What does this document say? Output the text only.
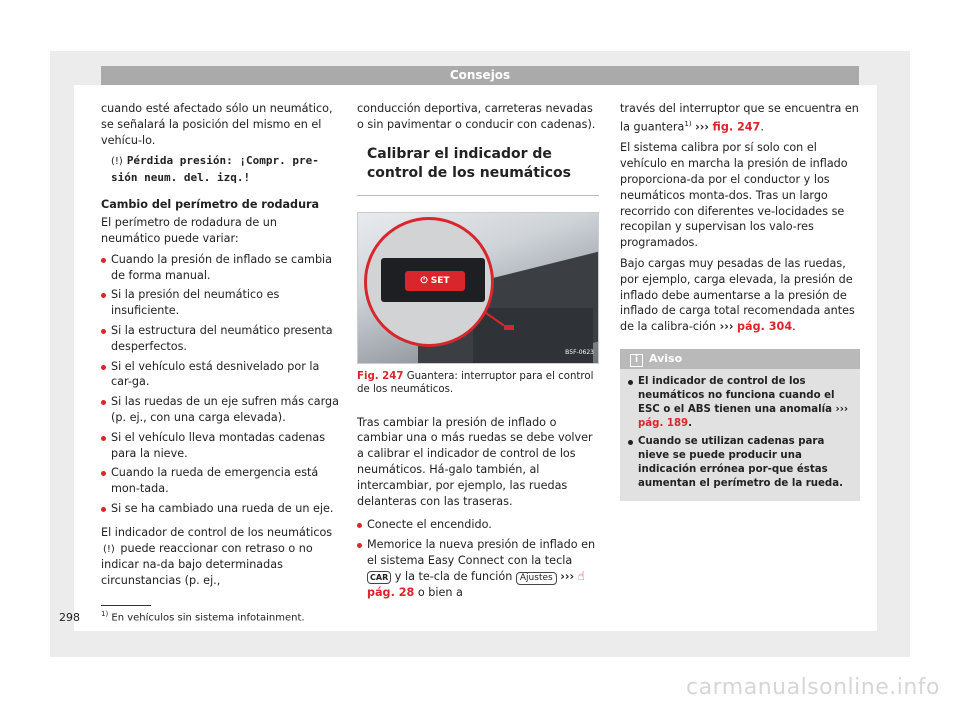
Consejos

cuando esté afectado sólo un neumático, se señalará la posición del mismo en el vehícu-lo.

(!) Pérdida presión: ¡Compr. pre-sión neum. del. izq.!
Cambio del perímetro de rodadura

El perímetro de rodadura de un neumático puede variar:

Cuando la presión de inflado se cambia de forma manual.
Si la presión del neumático es insuficiente.
Si la estructura del neumático presenta desperfectos.
Si el vehículo está desnivelado por la car-ga.
Si las ruedas de un eje sufren más carga (p. ej., con una carga elevada).
Si el vehículo lleva montadas cadenas para la nieve.
Cuando la rueda de emergencia está mon-tada.
Si se ha cambiado una rueda de un eje.

El indicador de control de los neumáticos (!) puede reaccionar con retraso o no indicar na-da bajo determinadas circunstancias (p. ej.,

conducción deportiva, carreteras nevadas o sin pavimentar o conducir con cadenas).

Calibrar el indicador de control de los neumáticos
⏻ SET
B5F-0623
Fig. 247 Guantera: interruptor para el control de los neumáticos.

Tras cambiar la presión de inflado o cambiar una o más ruedas se debe volver a calibrar el indicador de control de los neumáticos. Há-galo también, al intercambiar, por ejemplo, las ruedas delanteras con las traseras.

Conecte el encendido.
Memorice la nueva presión de inflado en el sistema Easy Connect con la tecla CAR y la te-cla de función Ajustes ››› ☝ pág. 28 o bien a

través del interruptor que se encuentra en la guantera$^{1)}$ ››› fig. 247.

El sistema calibra por sí solo con el vehículo en marcha la presión de inflado proporciona-da por el conductor y los neumáticos monta-dos. Tras un largo recorrido con diferentes ve-locidades se recopilan y supervisan los valo-res programados.

Bajo cargas muy pesadas de las ruedas, por ejemplo, carga elevada, la presión de inflado debe aumentarse a la presión de inflado de carga total recomendada antes de la calibra-ción ››› pág. 304.

i Aviso
El indicador de control de los neumáticos no funciona cuando el ESC o el ABS tienen una anomalía ››› pág. 189.
Cuando se utilizan cadenas para nieve se puede producir una indicación errónea por-que éstas aumentan el perímetro de la rueda.
$^{1)}$ En vehículos sin sistema infotainment.
298
carmanualsonline.info
